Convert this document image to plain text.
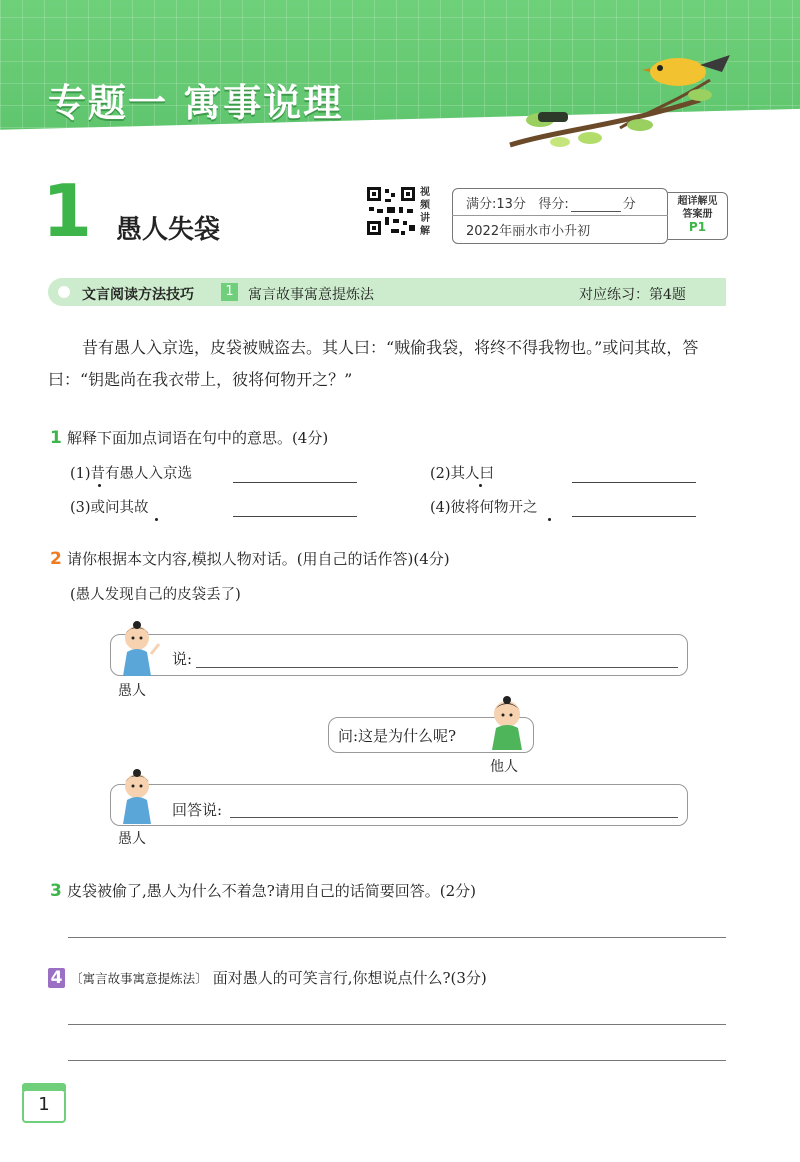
专题一 寓事说理
1 愚人失袋
视频讲解
满分:13分 得分:	分
2022年丽水市小升初
超详解见
答案册
P1
文言阅读方法技巧	1	寓言故事寓意提炼法	对应练习：第4题
昔有愚人入京选，皮袋被贼盗去。其人曰：“贼偷我袋，将终不得我物也。”或问其故，答曰：“钥匙尚在我衣带上，彼将何物开之？”
1 解释下面加点词语在句中的意思。(4分)
(1)昔有愚人入京选	(2)其人曰
(3)或问其故	(4)彼将何物开之
2 请你根据本文内容,模拟人物对话。(用自己的话作答)(4分)
(愚人发现自己的皮袋丢了)
说:
愚人
问:这是为什么呢?
他人
回答说:
愚人
3 皮袋被偷了,愚人为什么不着急?请用自己的话简要回答。(2分)
4 〔寓言故事寓意提炼法〕 面对愚人的可笑言行,你想说点什么?(3分)
1
